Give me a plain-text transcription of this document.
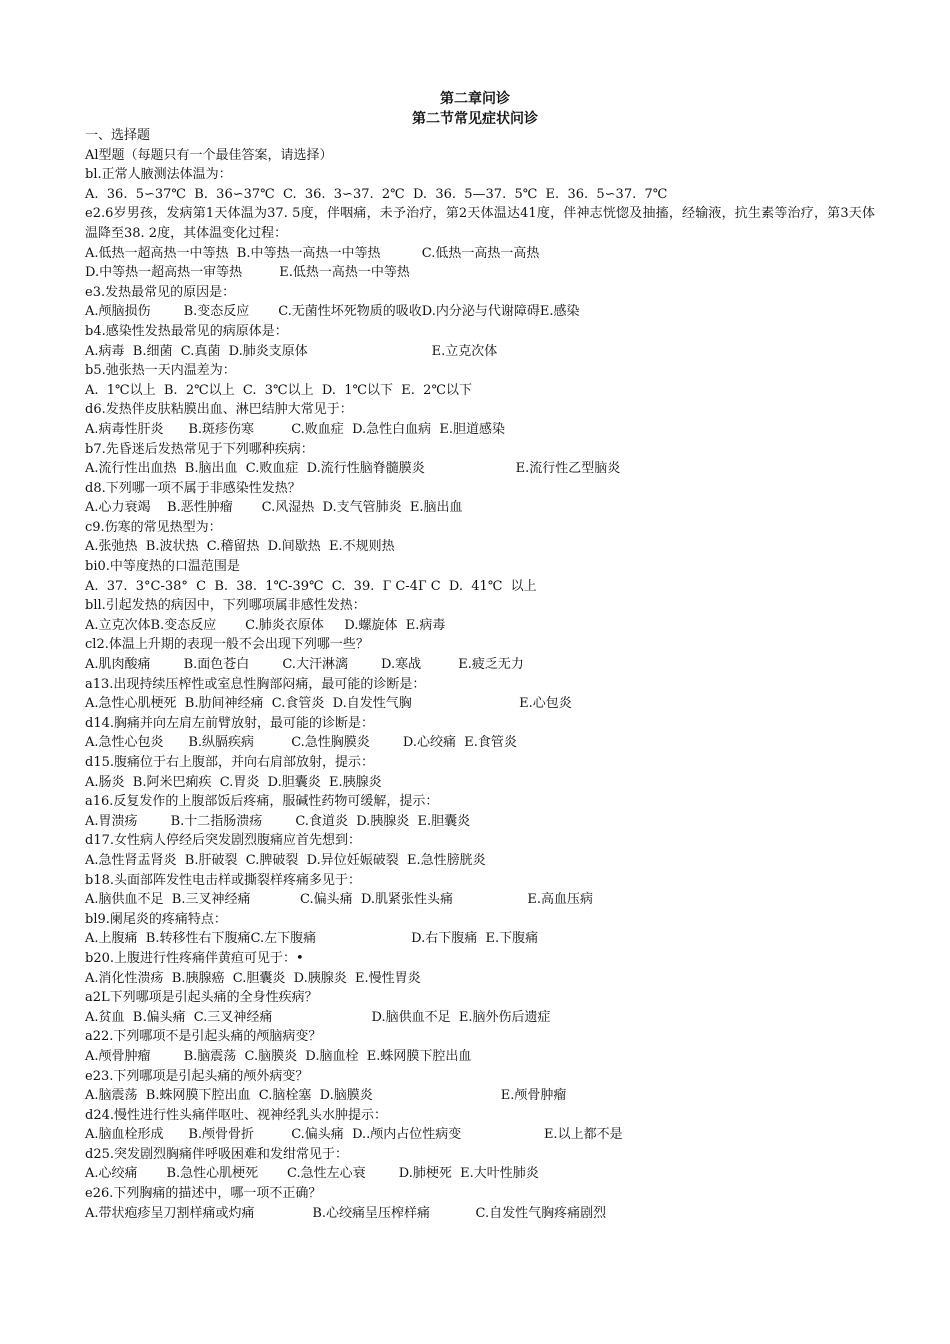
第二章问诊
第二节常见症状问诊
一、选择题
Al型题（每题只有一个最佳答案，请选择）
bl.正常人腋测法体温为：
A.  36.  5∽37℃  B.  36∽37℃  C.  36.  3∽37.  2℃  D.  36.  5—37.  5℃  E.  36.  5∽37.  7℃
e2.6岁男孩，发病第1天体温为37. 5度，伴咽痛，未予治疗，第2天体温达41度，伴神志恍惚及抽搐，经输液，抗生素等治疗，第3天体温降至38. 2度，其体温变化过程：
A.低热一超高热一中等热  B.中等热一高热一中等热          C.低热一高热一高热
D.中等热一超高热一审等热         E.低热一高热一中等热
e3.发热最常见的原因是：
A.颅脑损伤        B.变态反应       C.无菌性坏死物质的吸收D.内分泌与代谢障碍E.感染
b4.感染性发热最常见的病原体是：
A.病毒  B.细菌  C.真菌  D.肺炎支原体                              E.立克次体
b5.弛张热一天内温差为：
A.  1℃以上  B.  2℃以上  C.  3℃以上  D.  1℃以下  E.  2℃以下
d6.发热伴皮肤粘膜出血、淋巴结肿大常见于：
A.病毒性肝炎      B.斑疹伤寒         C.败血症  D.急性白血病  E.胆道感染
b7.先昏迷后发热常见于下列哪种疾病：
A.流行性出血热  B.脑出血  C.败血症  D.流行性脑脊髓膜炎                      E.流行性乙型脑炎
d8.下列哪一项不属于非感染性发热？
A.心力衰竭    B.恶性肿瘤       C.风湿热  D.支气管肺炎  E.脑出血
c9.伤寒的常见热型为：
A.张弛热  B.波状热  C.稽留热  D.间歇热  E.不规则热
bi0.中等度热的口温范围是
A.  37.  3°C-38°  C  B.  38.  1℃-39℃  C.  39.  Г C-4Г C  D.  41℃  以上
bll.引起发热的病因中，下列哪项属非感性发热：
A.立克次体B.变态反应       C.肺炎衣原体     D.螺旋体  E.病毒
cl2.体温上升期的表现一般不会出现下列哪一些？
A.肌肉酸痛        B.面色苍白        C.大汗淋漓        D.寒战         E.疲乏无力
a13.出现持续压榨性或室息性胸部闷痛，最可能的诊断是：
A.急性心肌梗死  B.肋间神经痛  C.食管炎  D.自发性气胸                          E.心包炎
d14.胸痛并向左肩左前臂放射，最可能的诊断是：
A.急性心包炎      B.纵膈疾病         C.急性胸膜炎        D.心绞痛  E.食管炎
d15.腹痛位于右上腹部，并向右肩部放射，提示：
A.肠炎  B.阿米巴痢疾  C.胃炎  D.胆囊炎  E.胰腺炎
a16.反复发作的上腹部饭后疼痛，服碱性药物可缓解，提示：
A.胃溃疡        B.十二指肠溃疡        C.食道炎  D.胰腺炎  E.胆囊炎
d17.女性病人停经后突发剧烈腹痛应首先想到：
A.急性肾盂肾炎  B.肝破裂  C.脾破裂  D.异位妊娠破裂  E.急性膀胱炎
b18.头面部阵发性电击样或撕裂样疼痛多见于：
A.脑供血不足  B.三叉神经痛            C.偏头痛  D.肌紧张性头痛                  E.高血压病
bl9.阑尾炎的疼痛特点：
A.上腹痛  B.转移性右下腹痛C.左下腹痛                       D.右下腹痛  E.下腹痛
b20.上腹进行性疼痛伴黄疸可见于：•
A.消化性溃疡  B.胰腺癌  C.胆囊炎  D.胰腺炎  E.慢性胃炎
a2L下列哪项是引起头痛的全身性疾病？
A.贫血  B.偏头痛  C.三叉神经痛                        D.脑供血不足  E.脑外伤后遗症
a22.下列哪项不是引起头痛的颅脑病变？
A.颅骨肿瘤        B.脑震荡  C.脑膜炎  D.脑血栓  E.蛛网膜下腔出血
e23.下列哪项是引起头痛的颅外病变？
A.脑震荡  B.蛛网膜下腔出血  C.脑栓塞  D.脑膜炎                               E.颅骨肿瘤
d24.慢性进行性头痛伴呕吐、视神经乳头水肿提示：
A.脑血栓形成      B.颅骨骨折         C.偏头痛  D..颅内占位性病变                    E.以上都不是
d25.突发剧烈胸痛伴呼吸困难和发绀常见于：
A.心绞痛       B.急性心肌梗死       C.急性左心衰        D.肺梗死  E.大叶性肺炎
e26.下列胸痛的描述中，哪一项不正确？
A.带状疱疹呈刀割样痛或灼痛              B.心绞痛呈压榨样痛           C.自发性气胸疼痛剧烈
